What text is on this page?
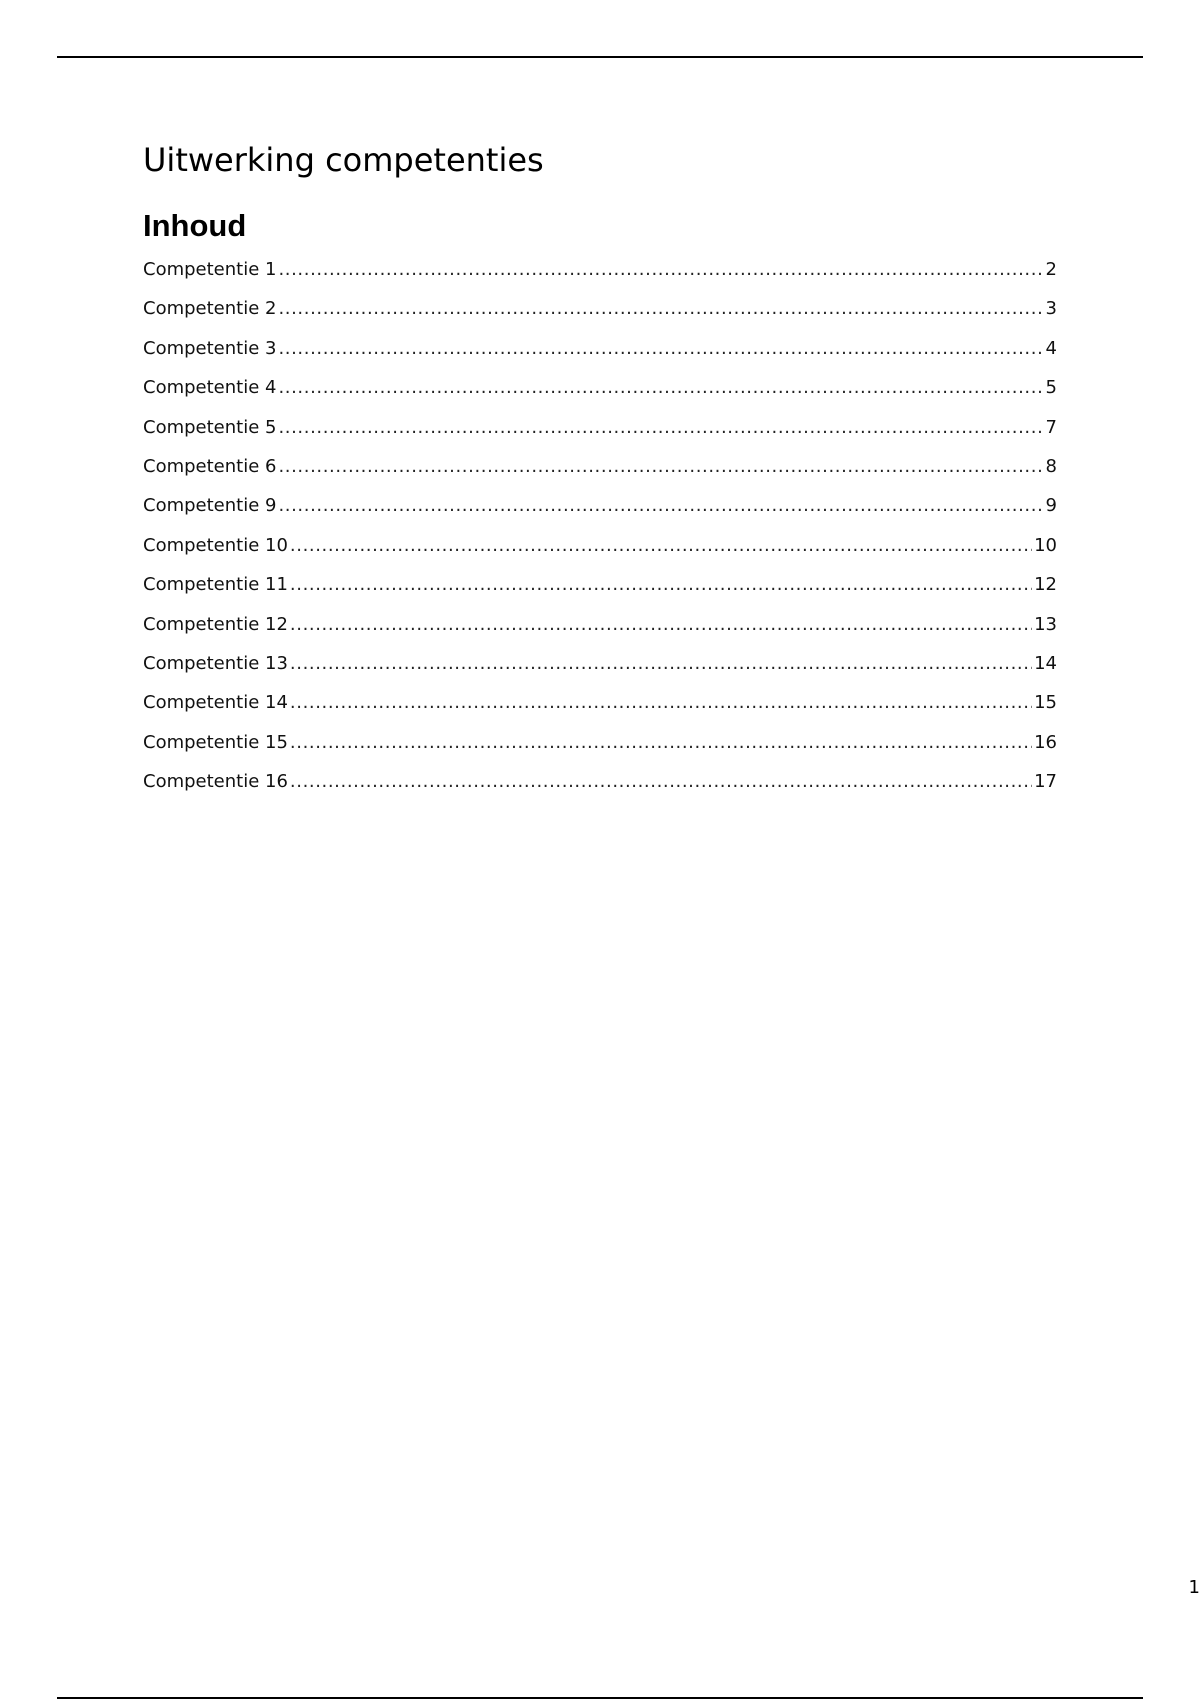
Uitwerking competenties
Inhoud
Competentie 1 .....	2
Competentie 2 .....	3
Competentie 3 .....	4
Competentie 4 .....	5
Competentie 5 .....	7
Competentie 6 .....	8
Competentie 9 .....	9
Competentie 10 .....	10
Competentie 11 .....	12
Competentie 12 .....	13
Competentie 13 .....	14
Competentie 14 .....	15
Competentie 15 .....	16
Competentie 16 .....	17
1
